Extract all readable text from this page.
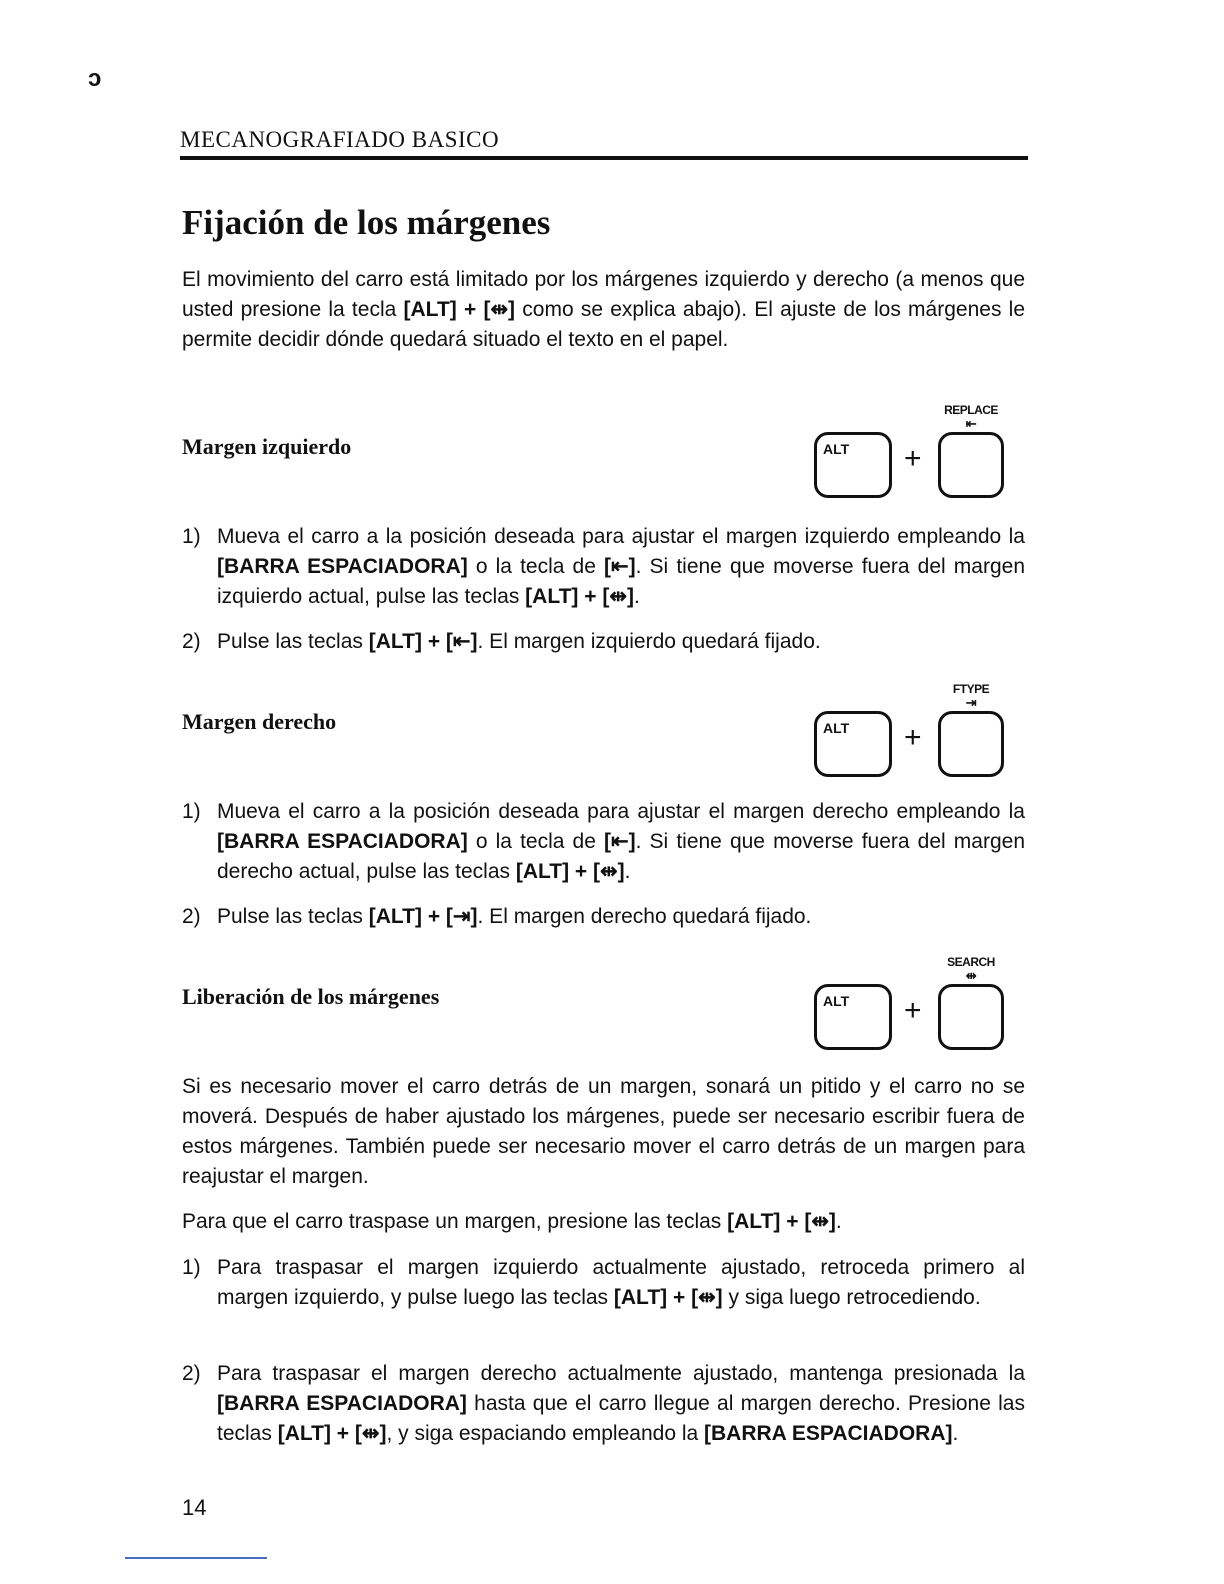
ↄ
MECANOGRAFIADO BASICO
Fijación de los márgenes
El movimiento del carro está limitado por los márgenes izquierdo y derecho (a menos que usted presione la tecla [ALT] + [⇹] como se explica abajo). El ajuste de los márgenes le permite decidir dónde quedará situado el texto en el papel.
Margen izquierdo
REPLACE
⇤
ALT +
1) Mueva el carro a la posición deseada para ajustar el margen izquierdo empleando la [BARRA ESPACIADORA] o la tecla de [⇤]. Si tiene que moverse fuera del margen izquierdo actual, pulse las teclas [ALT] + [⇹].
2) Pulse las teclas [ALT] + [⇤]. El margen izquierdo quedará fijado.
Margen derecho
FTYPE
⇥
ALT +
1) Mueva el carro a la posición deseada para ajustar el margen derecho empleando la [BARRA ESPACIADORA] o la tecla de [⇤]. Si tiene que moverse fuera del margen derecho actual, pulse las teclas [ALT] + [⇹].
2) Pulse las teclas [ALT] + [⇥]. El margen derecho quedará fijado.
Liberación de los márgenes
SEARCH
⇹
ALT +
Si es necesario mover el carro detrás de un margen, sonará un pitido y el carro no se moverá. Después de haber ajustado los márgenes, puede ser necesario escribir fuera de estos márgenes. También puede ser necesario mover el carro detrás de un margen para reajustar el margen.
Para que el carro traspase un margen, presione las teclas [ALT] + [⇹].
1) Para traspasar el margen izquierdo actualmente ajustado, retroceda primero al margen izquierdo, y pulse luego las teclas [ALT] + [⇹] y siga luego retrocediendo.
2) Para traspasar el margen derecho actualmente ajustado, mantenga presionada la [BARRA ESPACIADORA] hasta que el carro llegue al margen derecho. Presione las teclas [ALT] + [⇹], y siga espaciando empleando la [BARRA ESPACIADORA].
14
